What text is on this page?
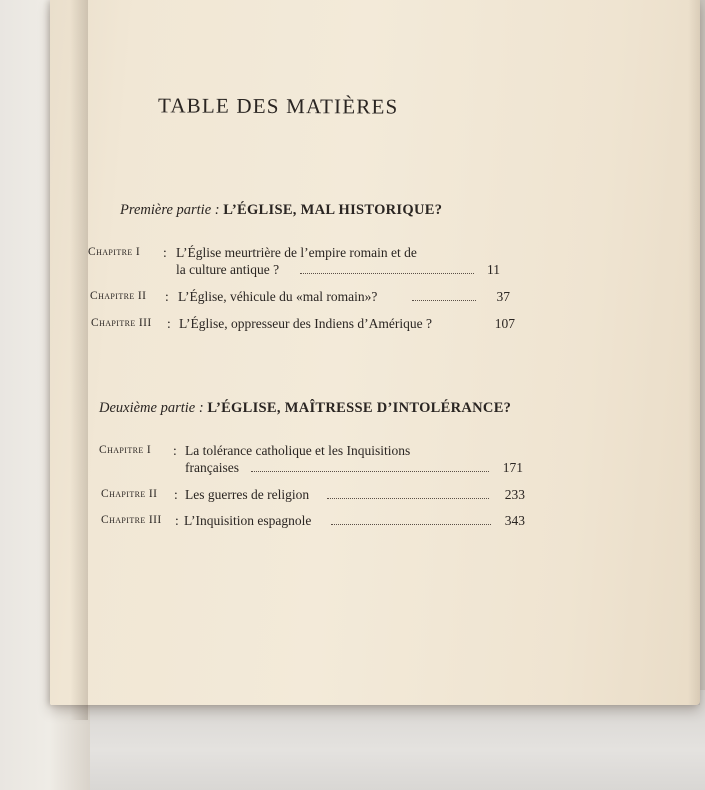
TABLE DES MATIÈRES
Première partie : L’ÉGLISE, MAL HISTORIQUE?
Chapitre I : L’Église meurtrière de l’empire romain et de
la culture antique ?	11
Chapitre II : L’Église, véhicule du «mal romain»?	37
Chapitre III : L’Église, oppresseur des Indiens d’Amérique ?	107
Deuxième partie : L’ÉGLISE, MAÎTRESSE D’INTOLÉRANCE?
Chapitre I : La tolérance catholique et les Inquisitions
françaises	171
Chapitre II : Les guerres de religion	233
Chapitre III : L’Inquisition espagnole	343
